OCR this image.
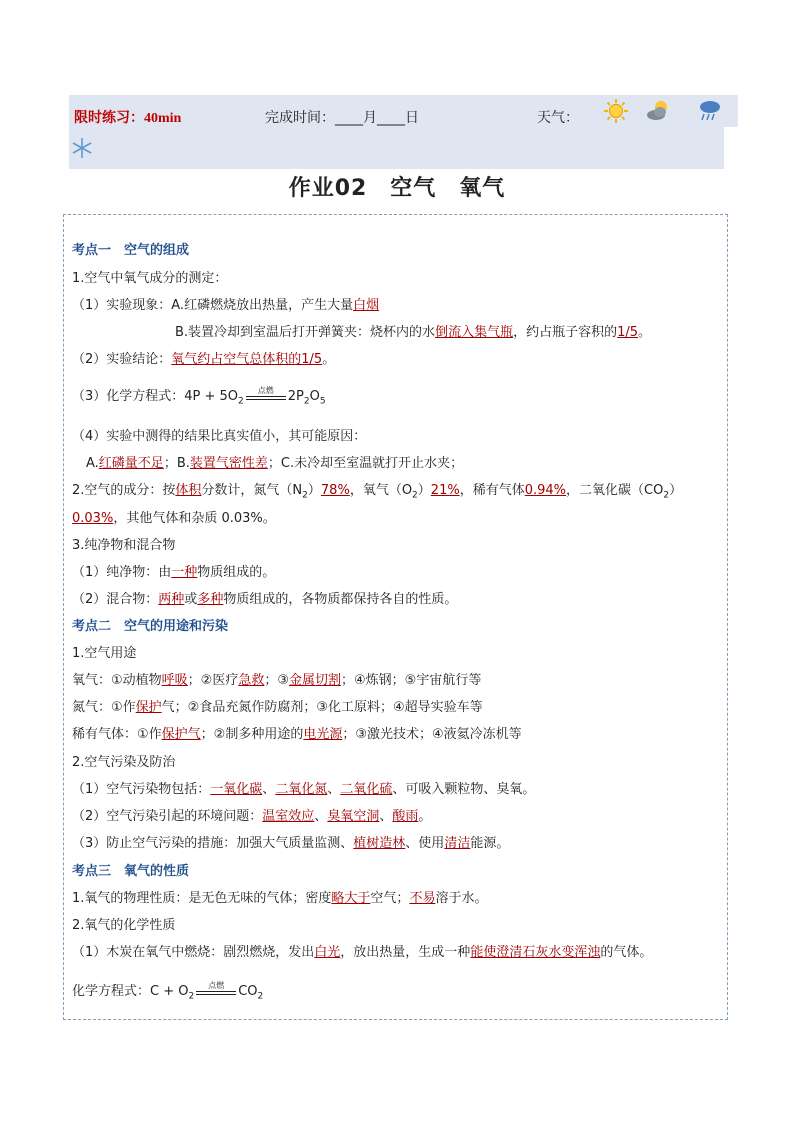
限时练习：40min	完成时间：____月____日	天气：
作业02　空气　氧气
考点一　空气的组成
1.空气中氧气成分的测定：
（1）实验现象：A.红磷燃烧放出热量，产生大量白烟
B.装置冷却到室温后打开弹簧夹：烧杯内的水倒流入集气瓶，约占瓶子容积的1/5。
（2）实验结论：氧气约占空气总体积的1/5。
（3）化学方程式：$4P + 5O_2$
点燃	$2P_2O_5$
（4）实验中测得的结果比真实值小，其可能原因：
A.红磷量不足；B.装置气密性差；C.未冷却至室温就打开止水夹；
2.空气的成分：按体积分数计，氮气$(N_2)78\%$，氧气$(O_2)21\%$，稀有气体0.94%，二氧化碳$(CO_2)$
0.03%，其他气体和杂质 0.03%。
3.纯净物和混合物
（1）纯净物：由一种物质组成的。
（2）混合物：两种或多种物质组成的，各物质都保持各自的性质。
考点二　空气的用途和污染
1.空气用途
氧气：①动植物呼吸；②医疗急救；③金属切割；④炼钢；⑤宇宙航行等
氮气：①作保护气；②食品充氮作防腐剂；③化工原料；④超导实验车等
稀有气体：①作保护气；②制多种用途的电光源；③激光技术；④液氦冷冻机等
2.空气污染及防治
（1）空气污染物包括：一氧化碳、二氧化氮、二氧化硫、可吸入颗粒物、臭氧。
（2）空气污染引起的环境问题：温室效应、臭氧空洞、酸雨。
（3）防止空气污染的措施：加强大气质量监测、植树造林、使用清洁能源。
考点三　氧气的性质
1.氧气的物理性质：是无色无味的气体；密度略大于空气；不易溶于水。
2.氧气的化学性质
（1）木炭在氧气中燃烧：剧烈燃烧，发出白光，放出热量，生成一种能使澄清石灰水变浑浊的气体。
化学方程式：$C + O_2$
点燃	$CO_2$
